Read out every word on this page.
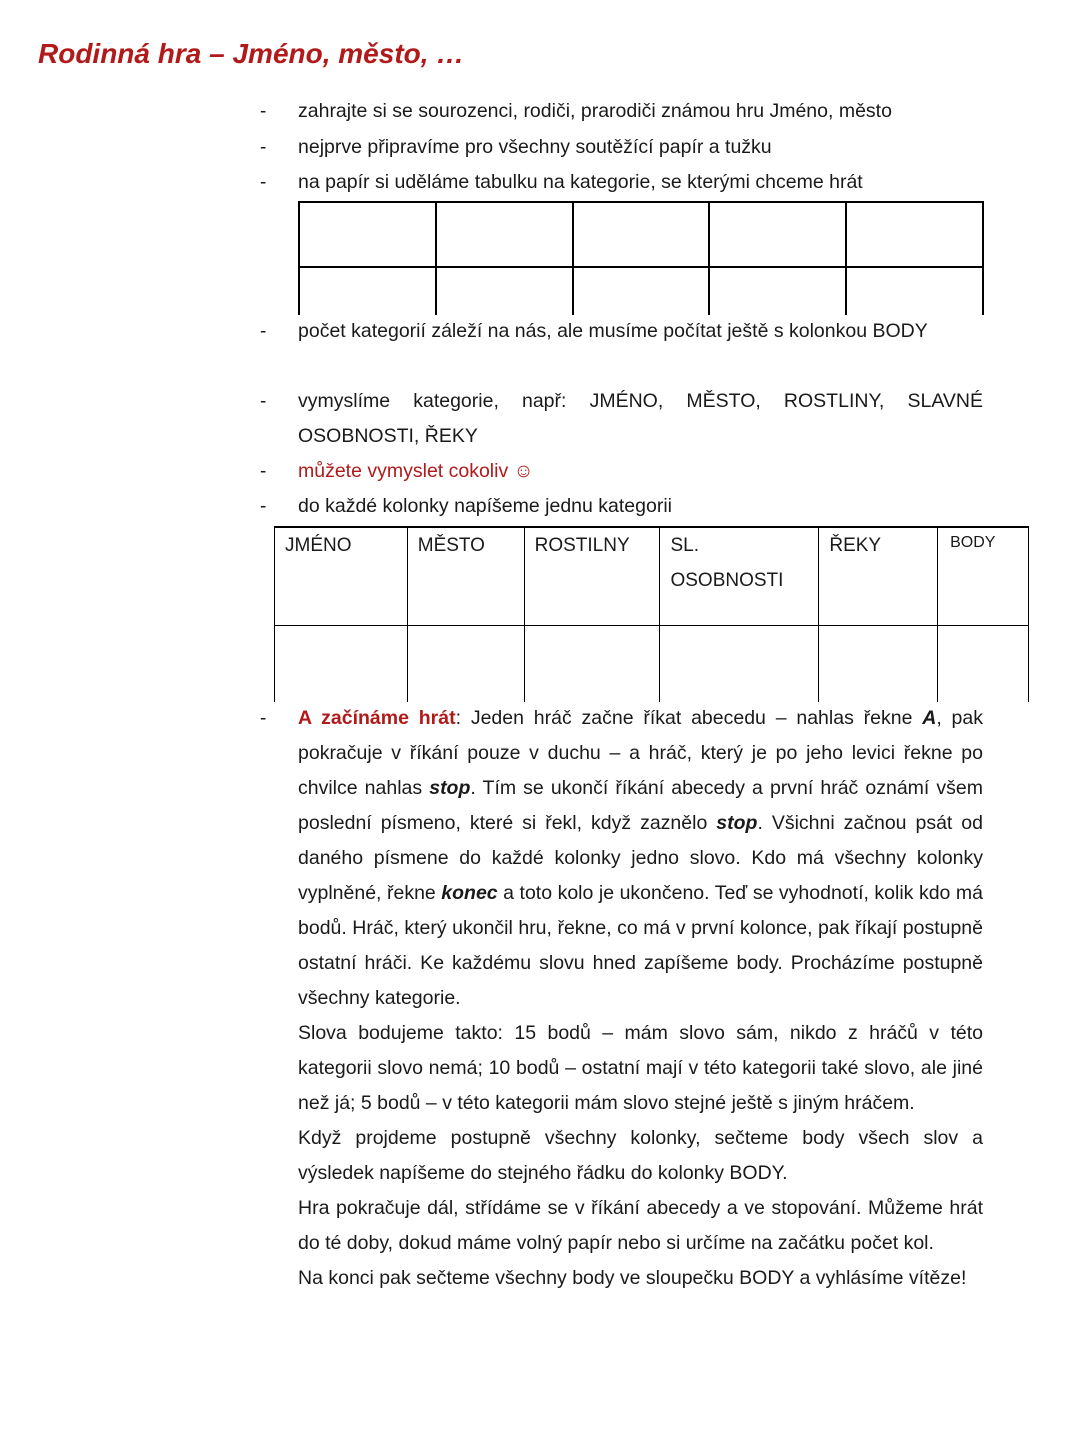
Rodinná hra – Jméno, město, …
- zahrajte si se sourozenci, rodiči, prarodiči známou hru Jméno, město
- nejprve připravíme pro všechny soutěžící papír a tužku
- na papír si uděláme tabulku na kategorie, se kterými chceme hrát

- počet kategorií záleží na nás, ale musíme počítat ještě s kolonkou BODY
- vymyslíme kategorie, např: JMÉNO, MĚSTO, ROSTLINY, SLAVNÉ OSOBNOSTI, ŘEKY
- můžete vymyslet cokoliv ☺
- do každé kolonky napíšeme jednu kategorii
JMÉNO	MĚSTO	ROSTILNY	SL. OSOBNOSTI	ŘEKY	BODY

- A začínáme hrát: Jeden hráč začne říkat abecedu – nahlas řekne A, pak pokračuje v říkání pouze v duchu – a hráč, který je po jeho levici řekne po chvilce nahlas stop. Tím se ukončí říkání abecedy a první hráč oznámí všem poslední písmeno, které si řekl, když zaznělo stop. Všichni začnou psát od daného písmene do každé kolonky jedno slovo. Kdo má všechny kolonky vyplněné, řekne konec a toto kolo je ukončeno. Teď se vyhodnotí, kolik kdo má bodů. Hráč, který ukončil hru, řekne, co má v první kolonce, pak říkají postupně ostatní hráči. Ke každému slovu hned zapíšeme body. Procházíme postupně všechny kategorie.
Slova bodujeme takto: 15 bodů – mám slovo sám, nikdo z hráčů v této kategorii slovo nemá; 10 bodů – ostatní mají v této kategorii také slovo, ale jiné než já; 5 bodů – v této kategorii mám slovo stejné ještě s jiným hráčem.
Když projdeme postupně všechny kolonky, sečteme body všech slov a výsledek napíšeme do stejného řádku do kolonky BODY.
Hra pokračuje dál, střídáme se v říkání abecedy a ve stopování. Můžeme hrát do té doby, dokud máme volný papír nebo si určíme na začátku počet kol.
Na konci pak sečteme všechny body ve sloupečku BODY a vyhlásíme vítěze!
